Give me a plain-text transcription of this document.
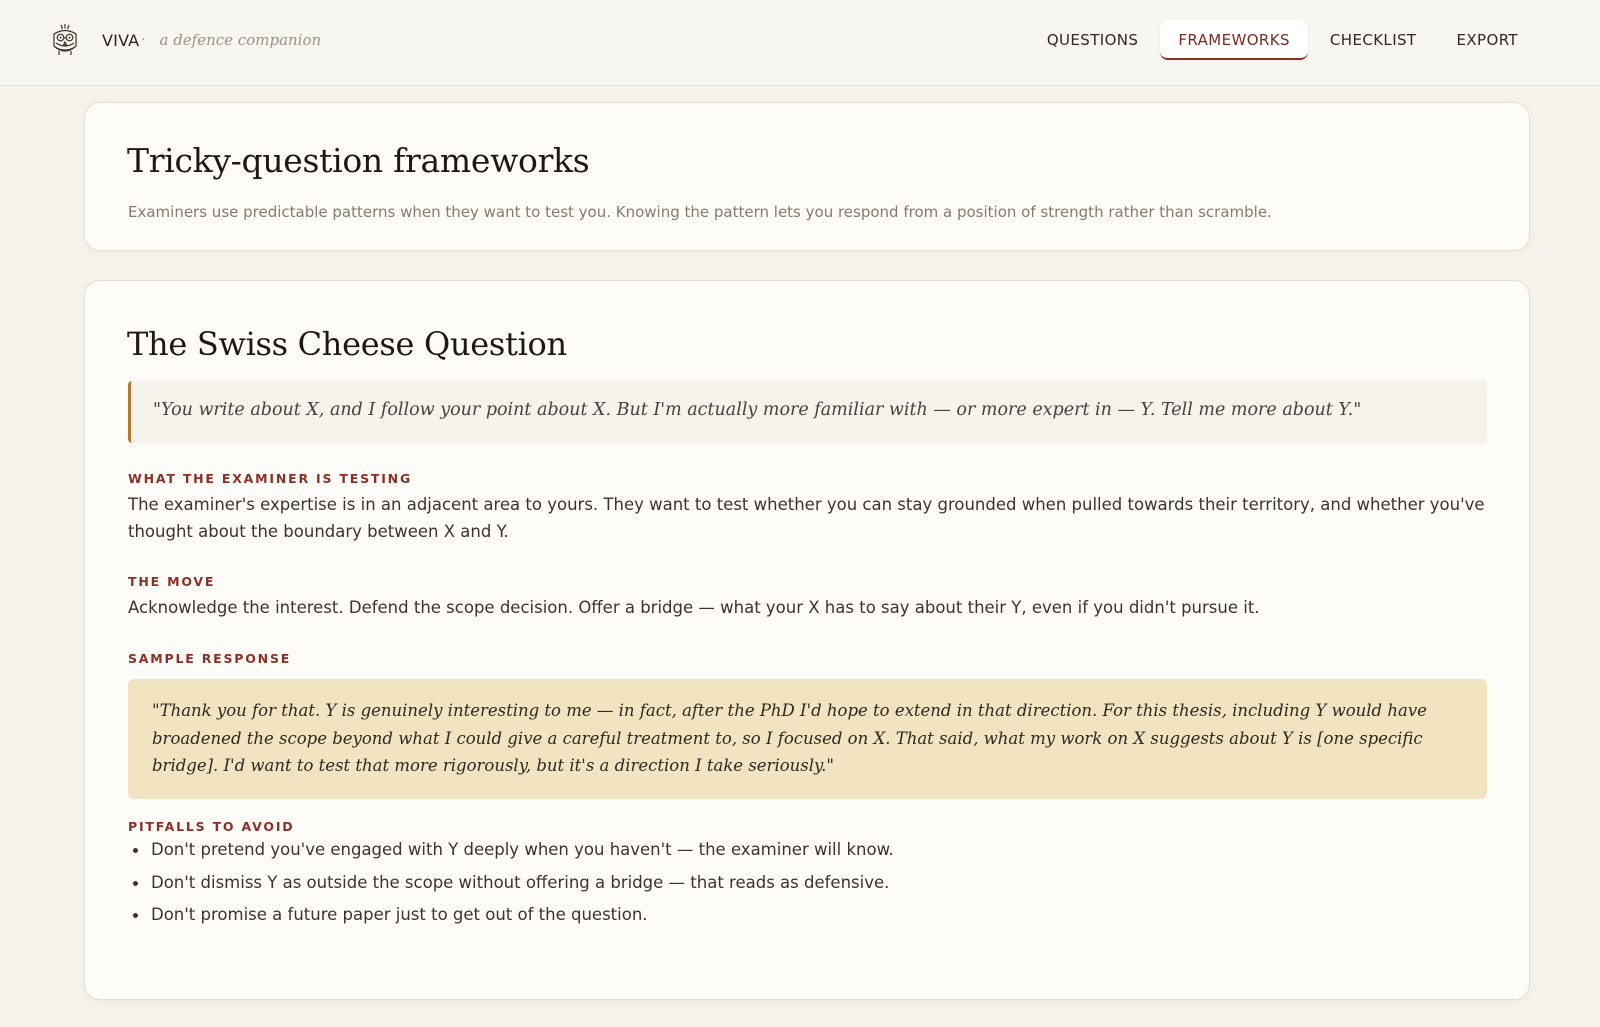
VIVA · a defence companion	QUESTIONS	FRAMEWORKS	CHECKLIST	EXPORT
Tricky-question frameworks

Examiners use predictable patterns when they want to test you. Knowing the pattern lets you respond from a position of strength rather than scramble.

The Swiss Cheese Question
"You write about X, and I follow your point about X. But I'm actually more familiar with — or more expert in — Y. Tell me more about Y."
WHAT THE EXAMINER IS TESTING

The examiner's expertise is in an adjacent area to yours. They want to test whether you can stay grounded when pulled towards their territory, and whether you've thought about the boundary between X and Y.

THE MOVE

Acknowledge the interest. Defend the scope decision. Offer a bridge — what your X has to say about their Y, even if you didn't pursue it.

SAMPLE RESPONSE

"Thank you for that. Y is genuinely interesting to me — in fact, after the PhD I'd hope to extend in that direction. For this thesis, including Y would have broadened the scope beyond what I could give a careful treatment to, so I focused on X. That said, what my work on X suggests about Y is [one specific bridge]. I'd want to test that more rigorously, but it's a direction I take seriously."

PITFALLS TO AVOID
Don't pretend you've engaged with Y deeply when you haven't — the examiner will know.
Don't dismiss Y as outside the scope without offering a bridge — that reads as defensive.
Don't promise a future paper just to get out of the question.
